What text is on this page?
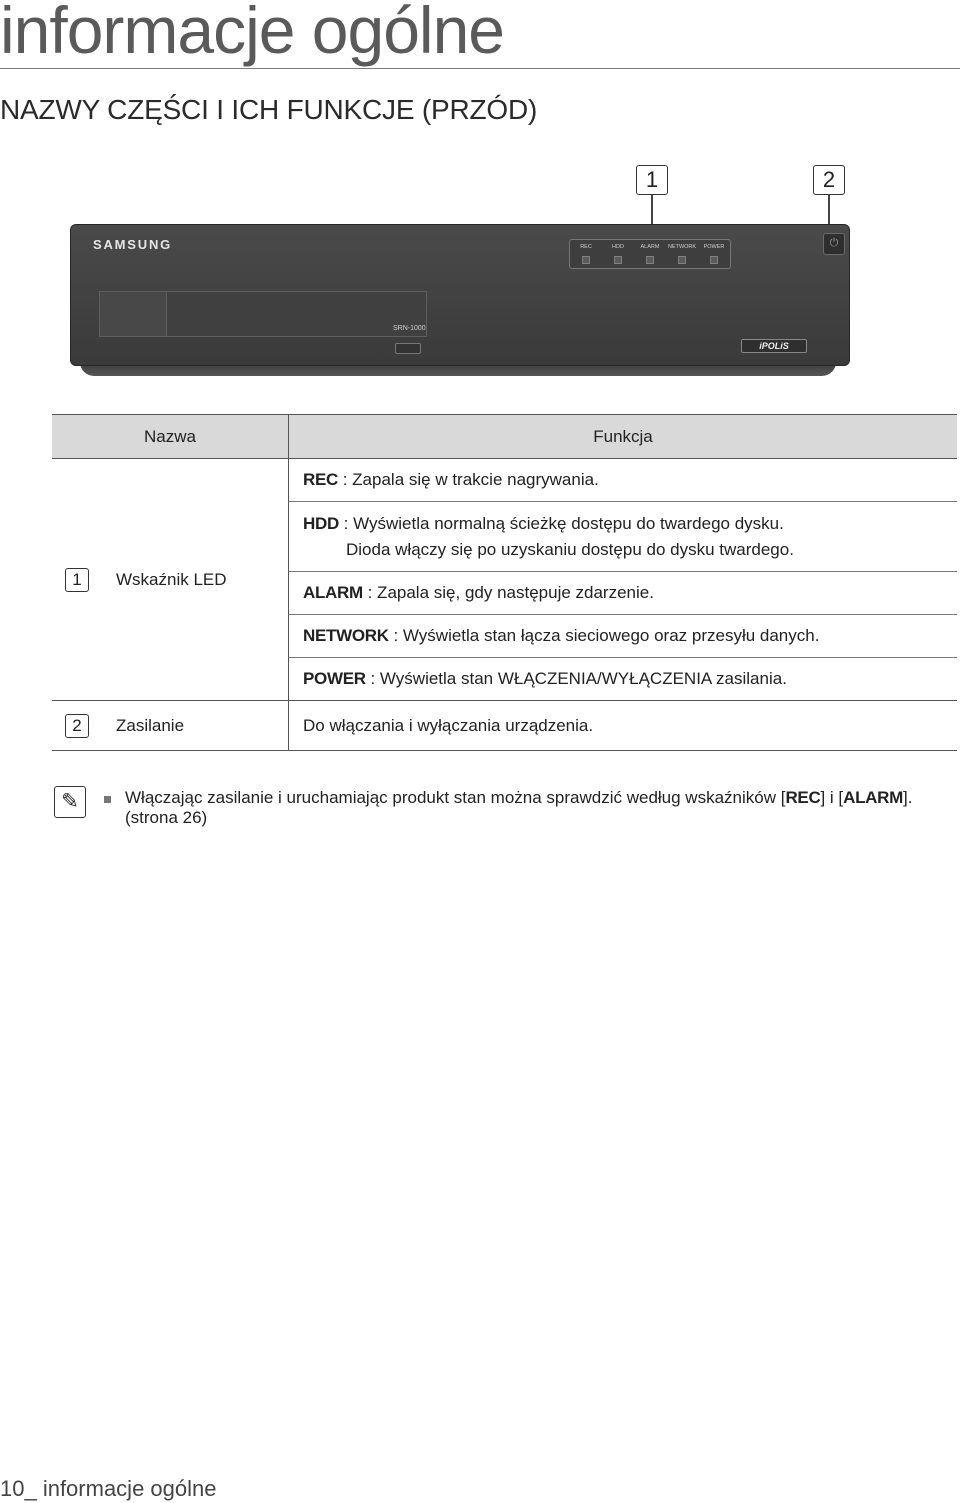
informacje ogólne
NAZWY CZĘŚCI I ICH FUNKCJE (PRZÓD)
1	2
SAMSUNG	REC	HDD	ALARM	NETWORK	POWER	⏻
SRN-1000
iPOLiS
Nazwa		Funkcja
1	Wskaźnik LED	REC : Zapala się w trakcie nagrywania.

		HDD : Wyświetla normalną ścieżkę dostępu do twardego dysku.
Dioda włączy się po uzyskaniu dostępu do dysku twardego.

		ALARM : Zapala się, gdy następuje zdarzenie.
		NETWORK : Wyświetla stan łącza sieciowego oraz przesyłu danych.
		POWER : Wyświetla stan WŁĄCZENIA/WYŁĄCZENIA zasilania.
2	Zasilanie	Do włączania i wyłączania urządzenia.
✎	Włączając zasilanie i uruchamiając produkt stan można sprawdzić według wskaźników [REC] i [ALARM]. (strona 26)
10_ informacje ogólne
